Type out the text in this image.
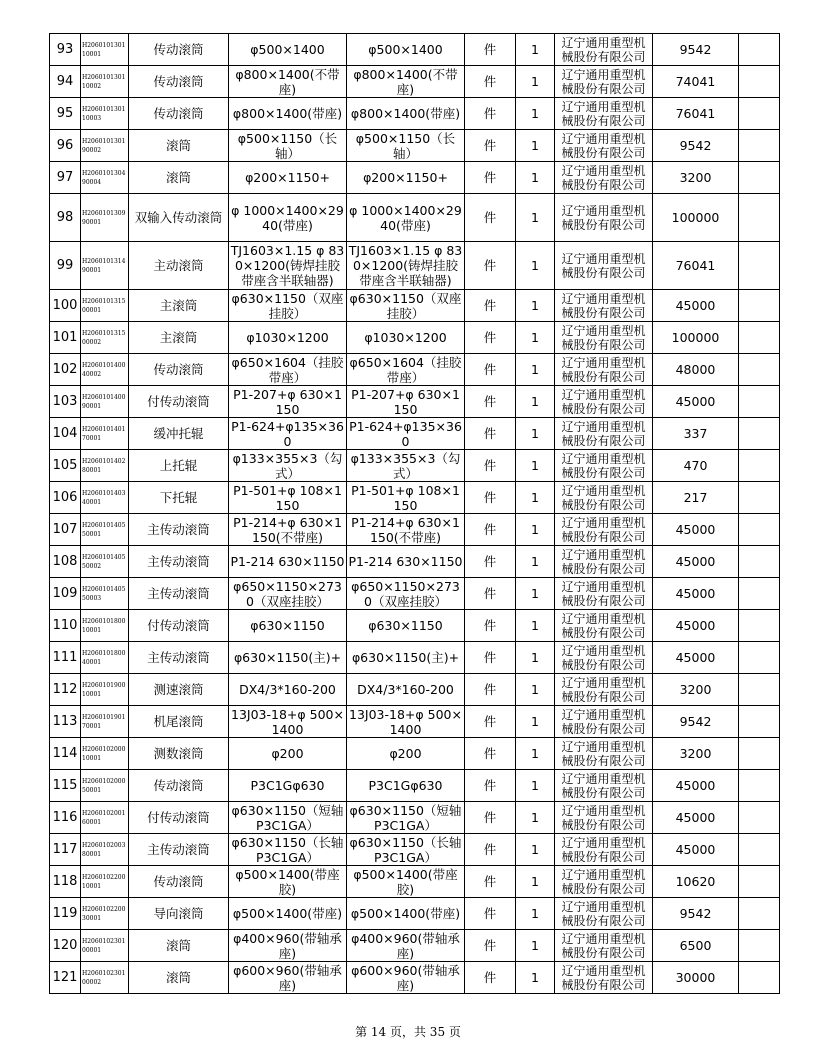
93	H206010130110001	传动滚筒	φ500×1400	φ500×1400	件	1	辽宁通用重型机械股份有限公司	9542	
94	H206010130110002	传动滚筒	φ800×1400(不带座)	φ800×1400(不带座)	件	1	辽宁通用重型机械股份有限公司	74041	
95	H206010130110003	传动滚筒	φ800×1400(带座)	φ800×1400(带座)	件	1	辽宁通用重型机械股份有限公司	76041	
96	H206010130190002	滚筒	φ500×1150（长轴）	φ500×1150（长轴）	件	1	辽宁通用重型机械股份有限公司	9542	
97	H206010130490004	滚筒	φ200×1150+	φ200×1150+	件	1	辽宁通用重型机械股份有限公司	3200	
98	H206010130990001	双输入传动滚筒	φ 1000×1400×2940(带座)	φ 1000×1400×2940(带座)	件	1	辽宁通用重型机械股份有限公司	100000	
99	H206010131490001	主动滚筒	TJ1603×1.15 φ 830×1200(铸焊挂胶带座含半联轴器)	TJ1603×1.15 φ 830×1200(铸焊挂胶带座含半联轴器)	件	1	辽宁通用重型机械股份有限公司	76041	
100	H206010131500001	主滚筒	φ630×1150（双座挂胶）	φ630×1150（双座挂胶）	件	1	辽宁通用重型机械股份有限公司	45000	
101	H206010131500002	主滚筒	φ1030×1200	φ1030×1200	件	1	辽宁通用重型机械股份有限公司	100000	
102	H206010140040002	传动滚筒	φ650×1604（挂胶带座）	φ650×1604（挂胶带座）	件	1	辽宁通用重型机械股份有限公司	48000	
103	H206010140090001	付传动滚筒	P1-207+φ 630×1150	P1-207+φ 630×1150	件	1	辽宁通用重型机械股份有限公司	45000	
104	H206010140170001	缓冲托辊	P1-624+φ135×360	P1-624+φ135×360	件	1	辽宁通用重型机械股份有限公司	337	
105	H206010140280001	上托辊	φ133×355×3（勾式）	φ133×355×3（勾式）	件	1	辽宁通用重型机械股份有限公司	470	
106	H206010140340001	下托辊	P1-501+φ 108×1150	P1-501+φ 108×1150	件	1	辽宁通用重型机械股份有限公司	217	
107	H206010140550001	主传动滚筒	P1-214+φ 630×1150(不带座)	P1-214+φ 630×1150(不带座)	件	1	辽宁通用重型机械股份有限公司	45000	
108	H206010140550002	主传动滚筒	P1-214 630×1150	P1-214 630×1150	件	1	辽宁通用重型机械股份有限公司	45000	
109	H206010140550003	主传动滚筒	φ650×1150×2730（双座挂胶）	φ650×1150×2730（双座挂胶）	件	1	辽宁通用重型机械股份有限公司	45000	
110	H206010180010001	付传动滚筒	φ630×1150	φ630×1150	件	1	辽宁通用重型机械股份有限公司	45000	
111	H206010180040001	主传动滚筒	φ630×1150(主)+	φ630×1150(主)+	件	1	辽宁通用重型机械股份有限公司	45000	
112	H206010190010001	测速滚筒	DX4/3*160-200	DX4/3*160-200	件	1	辽宁通用重型机械股份有限公司	3200	
113	H206010190170001	机尾滚筒	13J03-18+φ 500×1400	13J03-18+φ 500×1400	件	1	辽宁通用重型机械股份有限公司	9542	
114	H206010200010001	测数滚筒	φ200	φ200	件	1	辽宁通用重型机械股份有限公司	3200	
115	H206010200050001	传动滚筒	P3C1Gφ630	P3C1Gφ630	件	1	辽宁通用重型机械股份有限公司	45000	
116	H206010200160001	付传动滚筒	φ630×1150（短轴P3C1GA）	φ630×1150（短轴P3C1GA）	件	1	辽宁通用重型机械股份有限公司	45000	
117	H206010200380001	主传动滚筒	φ630×1150（长轴P3C1GA）	φ630×1150（长轴P3C1GA）	件	1	辽宁通用重型机械股份有限公司	45000	
118	H206010220010001	传动滚筒	φ500×1400(带座胶)	φ500×1400(带座胶)	件	1	辽宁通用重型机械股份有限公司	10620	
119	H206010220030001	导向滚筒	φ500×1400(带座)	φ500×1400(带座)	件	1	辽宁通用重型机械股份有限公司	9542	
120	H206010230100001	滚筒	φ400×960(带轴承座)	φ400×960(带轴承座)	件	1	辽宁通用重型机械股份有限公司	6500	
121	H206010230100002	滚筒	φ600×960(带轴承座)	φ600×960(带轴承座)	件	1	辽宁通用重型机械股份有限公司	30000	
第 14 页，共 35 页
